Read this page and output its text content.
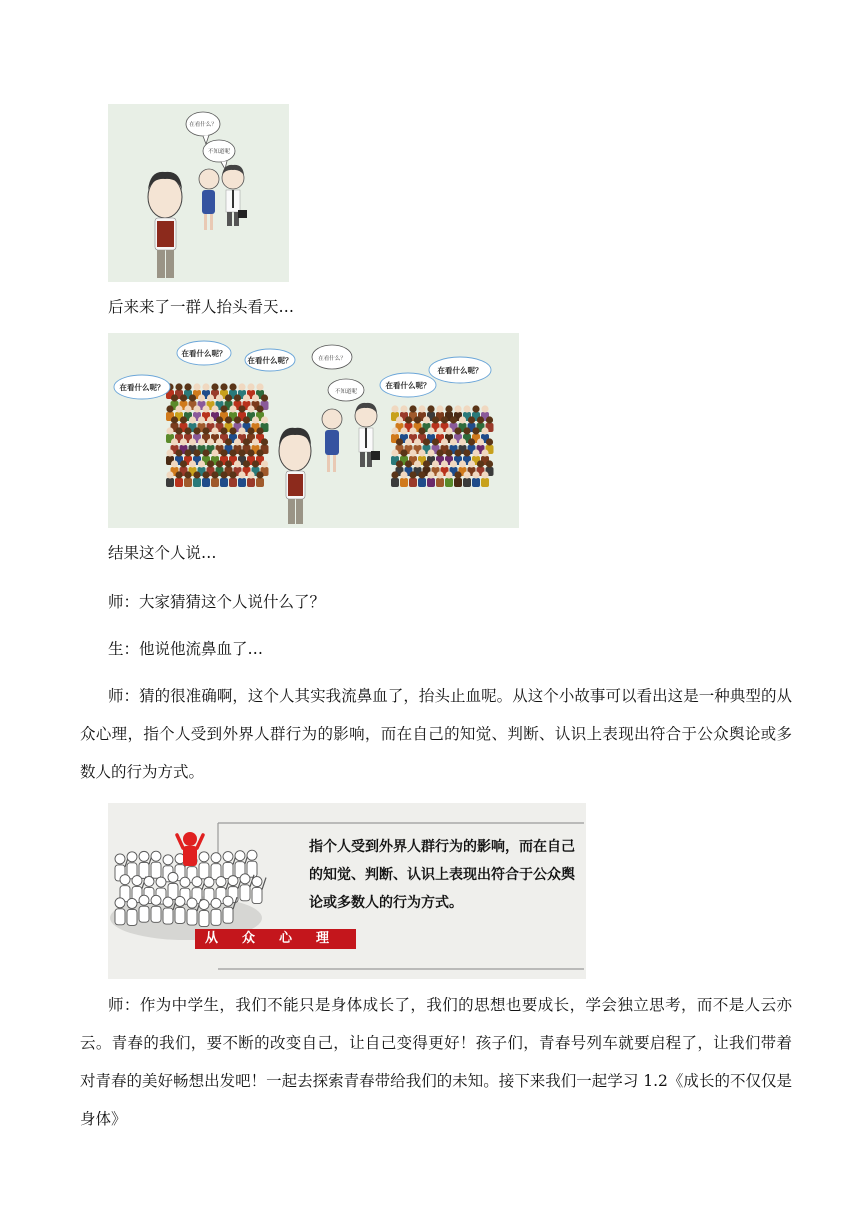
在看什么？
不知道呢

后来来了一群人抬头看天…

在看什么呢？
在看什么呢？
在看什么呢？
在看什么？
不知道呢
在看什么呢？
在看什么呢？

结果这个人说…

师：大家猜猜这个人说什么了？

生：他说他流鼻血了…

师：猜的很准确啊，这个人其实我流鼻血了，抬头止血呢。从这个小故事可以看出这是一种典型的从众心理，指个人受到外界人群行为的影响，而在自己的知觉、判断、认识上表现出符合于公众舆论或多数人的行为方式。

指个人受到外界人群行为的影响，而在自己的知觉、判断、认识上表现出符合于公众舆论或多数人的行为方式。
从众心理

师：作为中学生，我们不能只是身体成长了，我们的思想也要成长，学会独立思考，而不是人云亦云。青春的我们，要不断的改变自己，让自己变得更好！孩子们，青春号列车就要启程了，让我们带着对青春的美好畅想出发吧！一起去探索青春带给我们的未知。接下来我们一起学习 1.2《成长的不仅仅是身体》
